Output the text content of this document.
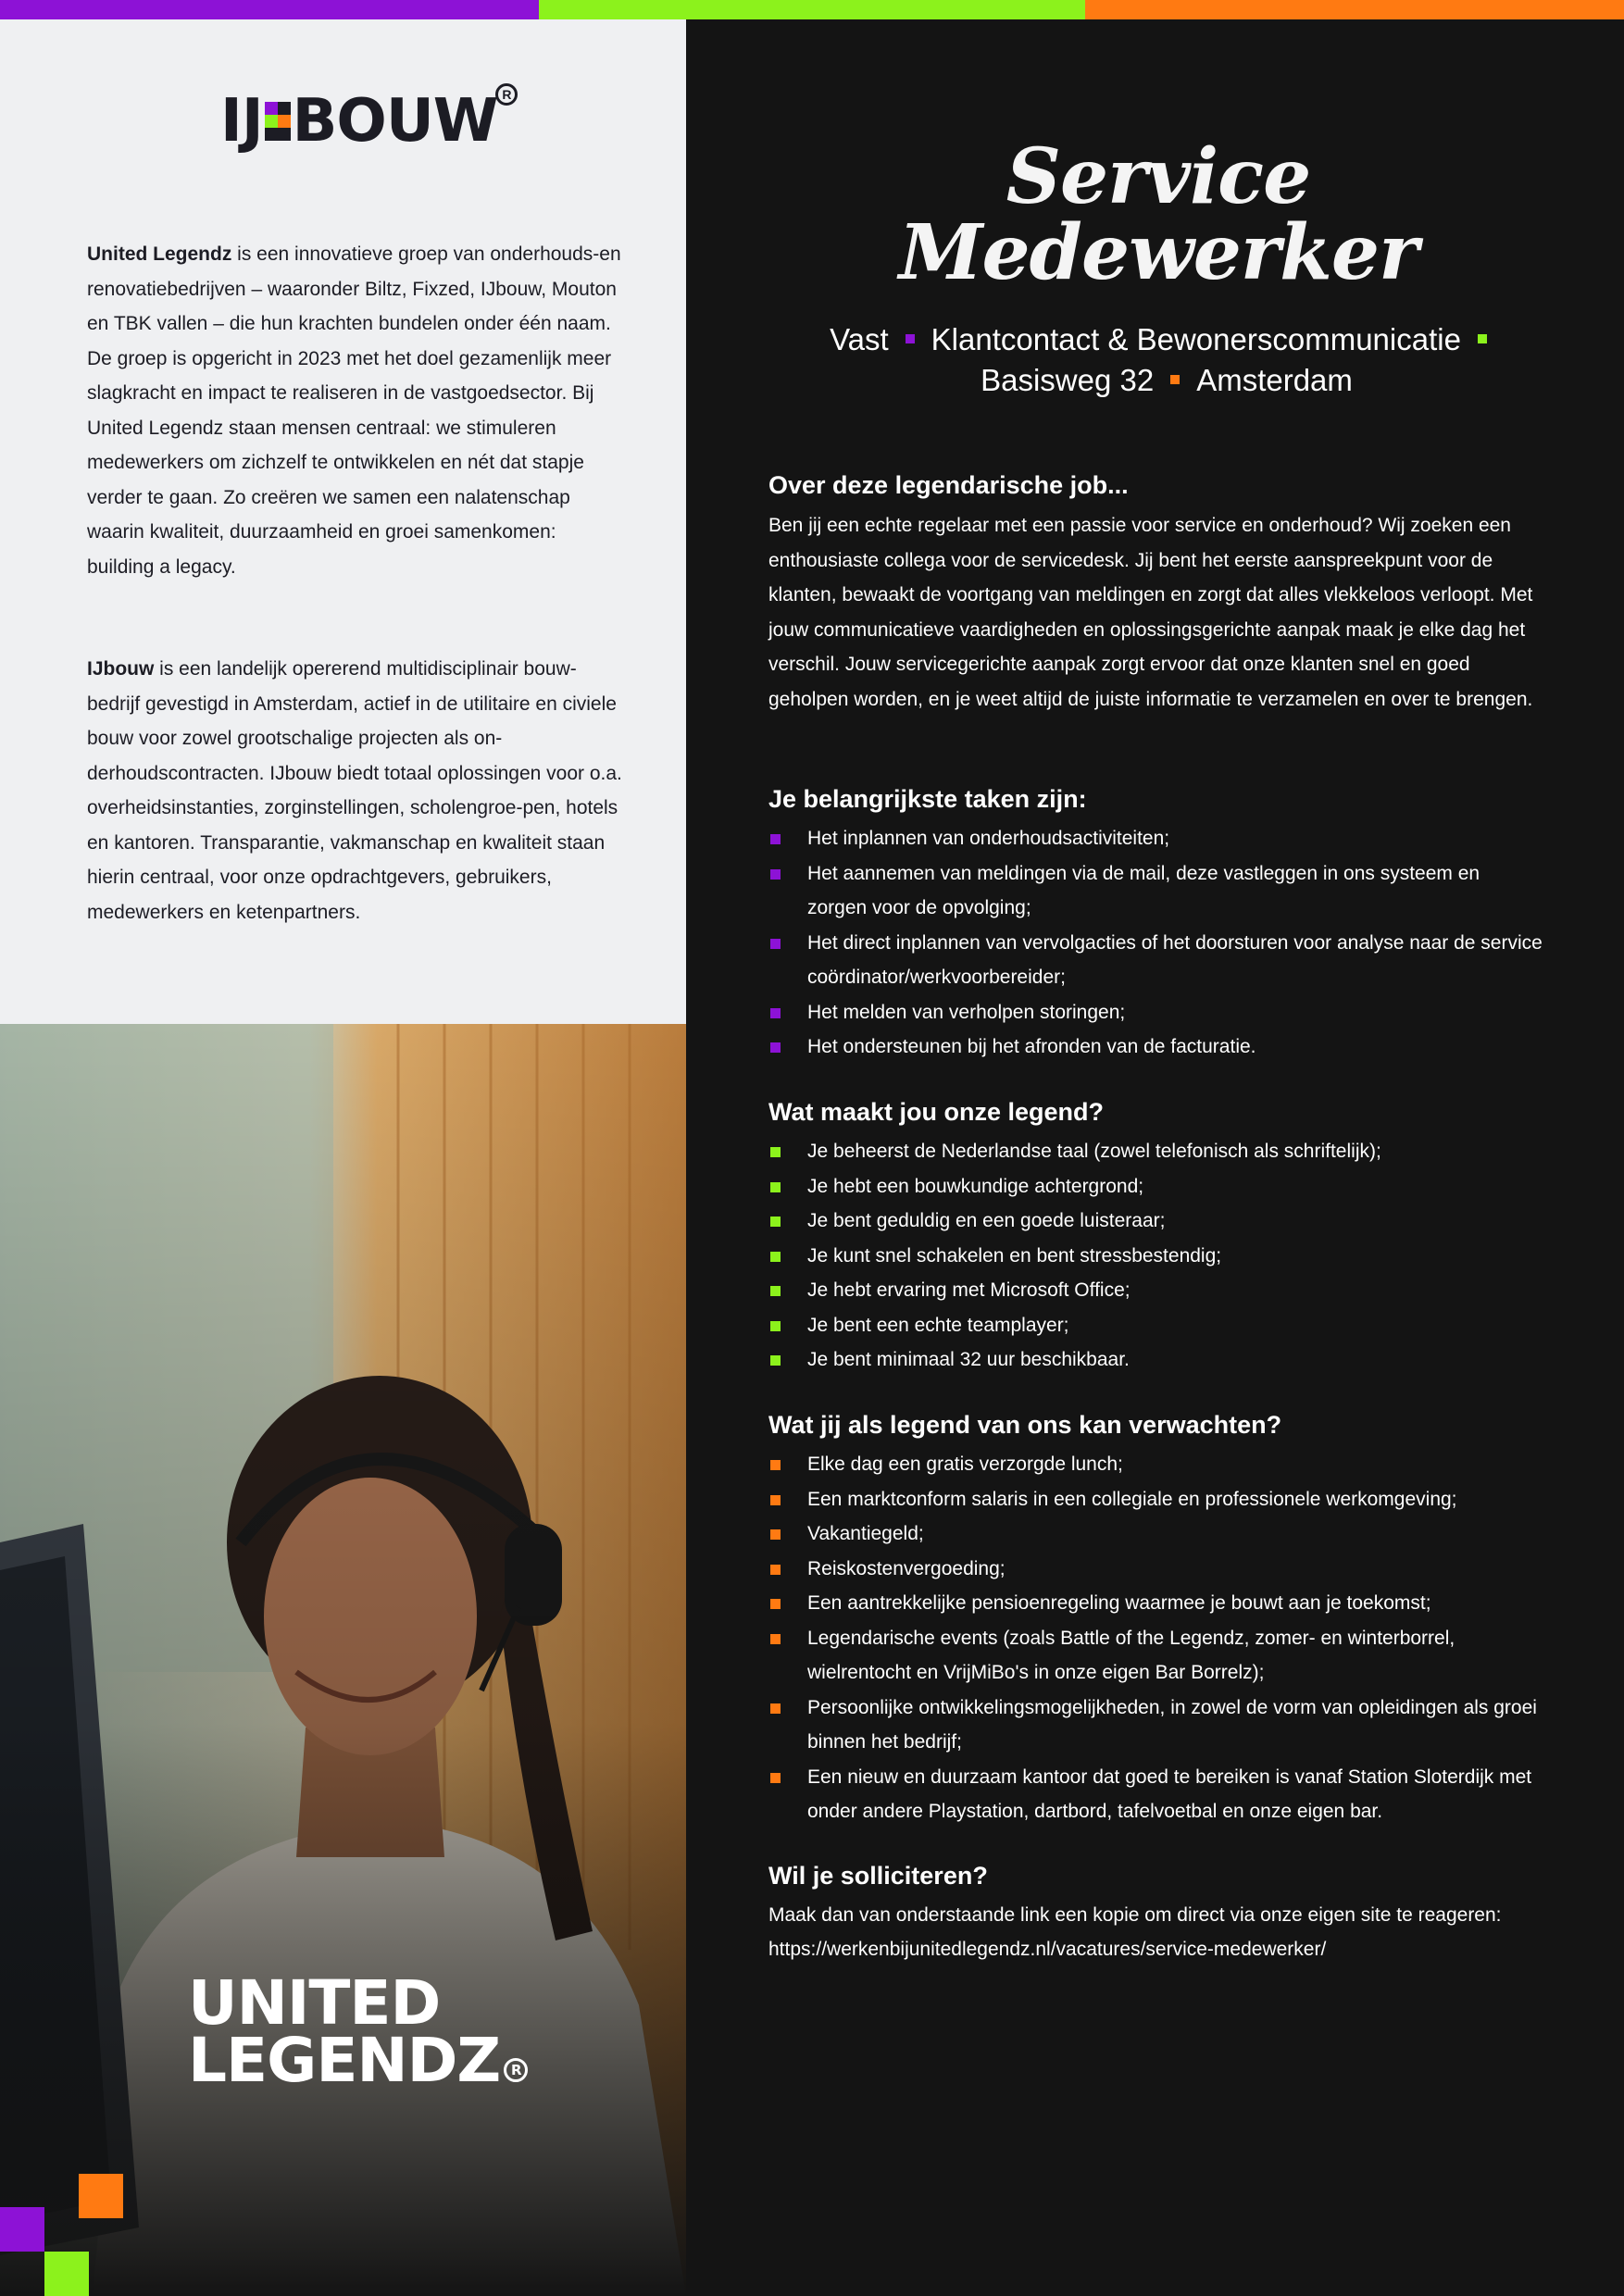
IJ BOUW R

United Legendz is een innovatieve groep van onderhouds-en renovatiebedrijven – waaronder Biltz, Fixzed, IJbouw, Mouton en TBK vallen – die hun krachten bundelen onder één naam. De groep is opgericht in 2023 met het doel gezamenlijk meer slagkracht en impact te realiseren in de vastgoedsector. Bij United Legendz staan mensen centraal: we stimuleren medewerkers om zichzelf te ontwikkelen en nét dat stapje verder te gaan. Zo creëren we samen een nalatenschap waarin kwaliteit, duurzaamheid en groei samenkomen: building a legacy.

IJbouw is een landelijk opererend multidisciplinair bouw-bedrijf gevestigd in Amsterdam, actief in de utilitaire en civiele bouw voor zowel grootschalige projecten als on-derhoudscontracten. IJbouw biedt totaal oplossingen voor o.a. overheidsinstanties, zorginstellingen, scholengroe-pen, hotels en kantoren. Transparantie, vakmanschap en kwaliteit staan hierin centraal, voor onze opdrachtgevers, gebruikers, medewerkers en ketenpartners.

UNITED
LEGENDZ R
Service Medewerker
Vast Klantcontact & Bewonerscommunicatie
Basisweg 32 Amsterdam
Over deze legendarische job...

Ben jij een echte regelaar met een passie voor service en onderhoud? Wij zoeken een enthousiaste collega voor de servicedesk. Jij bent het eerste aanspreekpunt voor de klanten, bewaakt de voortgang van meldingen en zorgt dat alles vlekkeloos verloopt. Met jouw communicatieve vaardigheden en oplossingsgerichte aanpak maak je elke dag het verschil. Jouw servicegerichte aanpak zorgt ervoor dat onze klanten snel en goed geholpen worden, en je weet altijd de juiste informatie te verzamelen en over te brengen.

Je belangrijkste taken zijn:
Het inplannen van onderhoudsactiviteiten;
Het aannemen van meldingen via de mail, deze vastleggen in ons systeem en zorgen voor de opvolging;
Het direct inplannen van vervolgacties of het doorsturen voor analyse naar de service coördinator/werkvoorbereider;
Het melden van verholpen storingen;
Het ondersteunen bij het afronden van de facturatie.
Wat maakt jou onze legend?
Je beheerst de Nederlandse taal (zowel telefonisch als schriftelijk);
Je hebt een bouwkundige achtergrond;
Je bent geduldig en een goede luisteraar;
Je kunt snel schakelen en bent stressbestendig;
Je hebt ervaring met Microsoft Office;
Je bent een echte teamplayer;
Je bent minimaal 32 uur beschikbaar.
Wat jij als legend van ons kan verwachten?
Elke dag een gratis verzorgde lunch;
Een marktconform salaris in een collegiale en professionele werkomgeving;
Vakantiegeld;
Reiskostenvergoeding;
Een aantrekkelijke pensioenregeling waarmee je bouwt aan je toekomst;
Legendarische events (zoals Battle of the Legendz, zomer- en winterborrel, wielrentocht en VrijMiBo's in onze eigen Bar Borrelz);
Persoonlijke ontwikkelingsmogelijkheden, in zowel de vorm van opleidingen als groei binnen het bedrijf;
Een nieuw en duurzaam kantoor dat goed te bereiken is vanaf Station Sloterdijk met onder andere Playstation, dartbord, tafelvoetbal en onze eigen bar.
Wil je solliciteren?

Maak dan van onderstaande link een kopie om direct via onze eigen site te reageren:

https://werkenbijunitedlegendz.nl/vacatures/service-medewerker/
